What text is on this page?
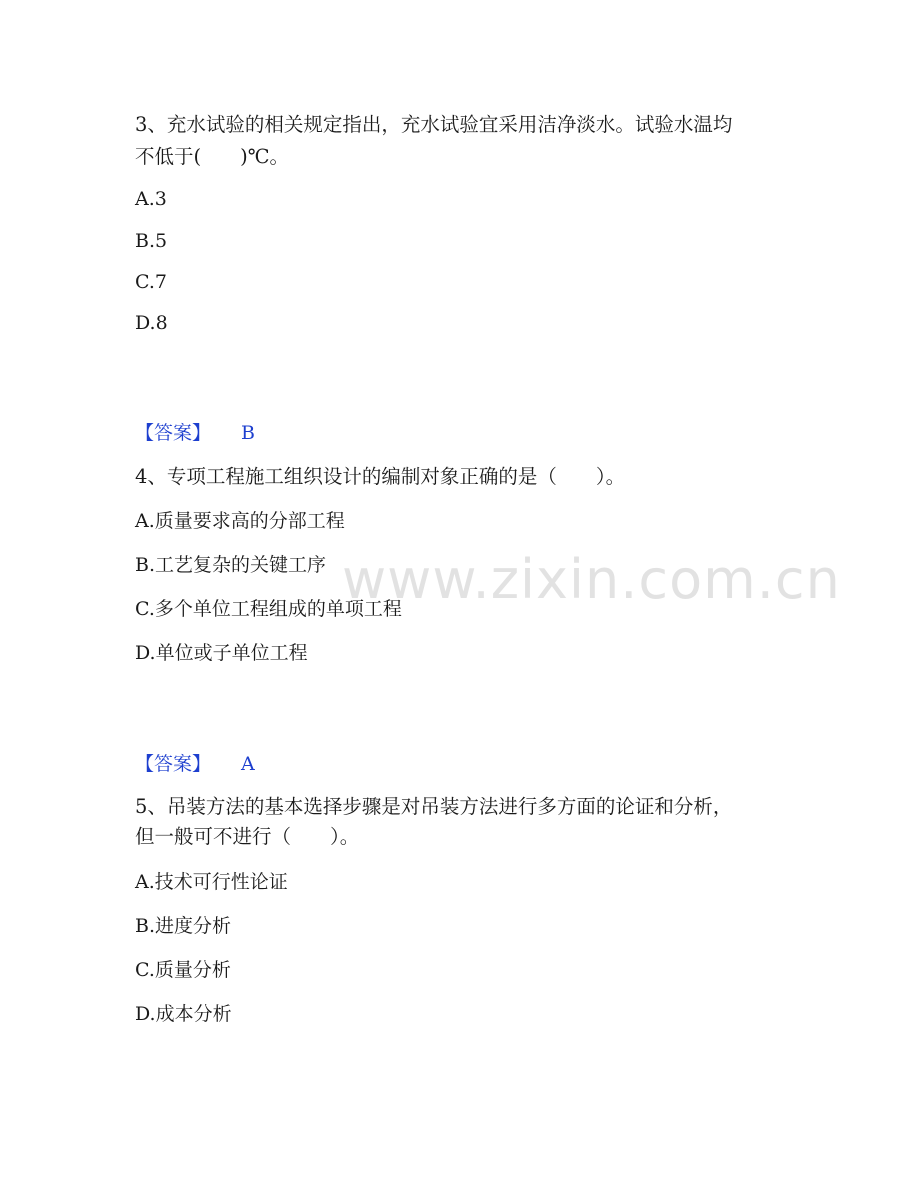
3、充水试验的相关规定指出，充水试验宜采用洁净淡水。试验水温均
不低于(　　)℃。
A.3
B.5
C.7
D.8
【答案】 B
4、专项工程施工组织设计的编制对象正确的是（　　）。
A.质量要求高的分部工程
B.工艺复杂的关键工序
C.多个单位工程组成的单项工程
D.单位或子单位工程
【答案】 A
5、吊装方法的基本选择步骤是对吊装方法进行多方面的论证和分析，
但一般可不进行（　　）。
A.技术可行性论证
B.进度分析
C.质量分析
D.成本分析
www.zixin.com.cn
